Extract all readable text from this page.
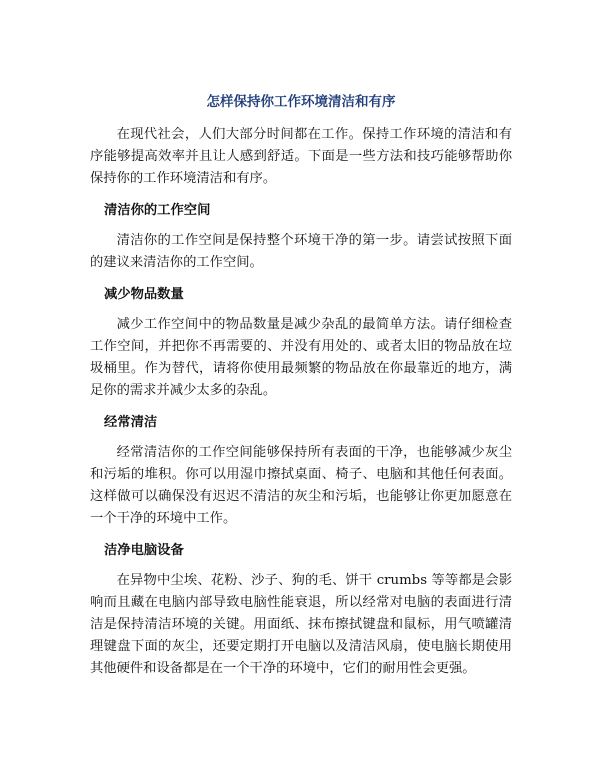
怎样保持你工作环境清洁和有序

在现代社会，人们大部分时间都在工作。保持工作环境的清洁和有序能够提高效率并且让人感到舒适。下面是一些方法和技巧能够帮助你保持你的工作环境清洁和有序。

清洁你的工作空间

清洁你的工作空间是保持整个环境干净的第一步。请尝试按照下面的建议来清洁你的工作空间。

减少物品数量

减少工作空间中的物品数量是减少杂乱的最简单方法。请仔细检查工作空间，并把你不再需要的、并没有用处的、或者太旧的物品放在垃圾桶里。作为替代，请将你使用最频繁的物品放在你最靠近的地方，满足你的需求并减少太多的杂乱。

经常清洁

经常清洁你的工作空间能够保持所有表面的干净，也能够减少灰尘和污垢的堆积。你可以用湿巾擦拭桌面、椅子、电脑和其他任何表面。这样做可以确保没有迟迟不清洁的灰尘和污垢，也能够让你更加愿意在一个干净的环境中工作。

洁净电脑设备

在异物中尘埃、花粉、沙子、狗的毛、饼干 crumbs 等等都是会影响而且藏在电脑内部导致电脑性能衰退，所以经常对电脑的表面进行清洁是保持清洁环境的关键。用面纸、抹布擦拭键盘和鼠标，用气喷罐清理键盘下面的灰尘，还要定期打开电脑以及清洁风扇，使电脑长期使用其他硬件和设备都是在一个干净的环境中，它们的耐用性会更强。
